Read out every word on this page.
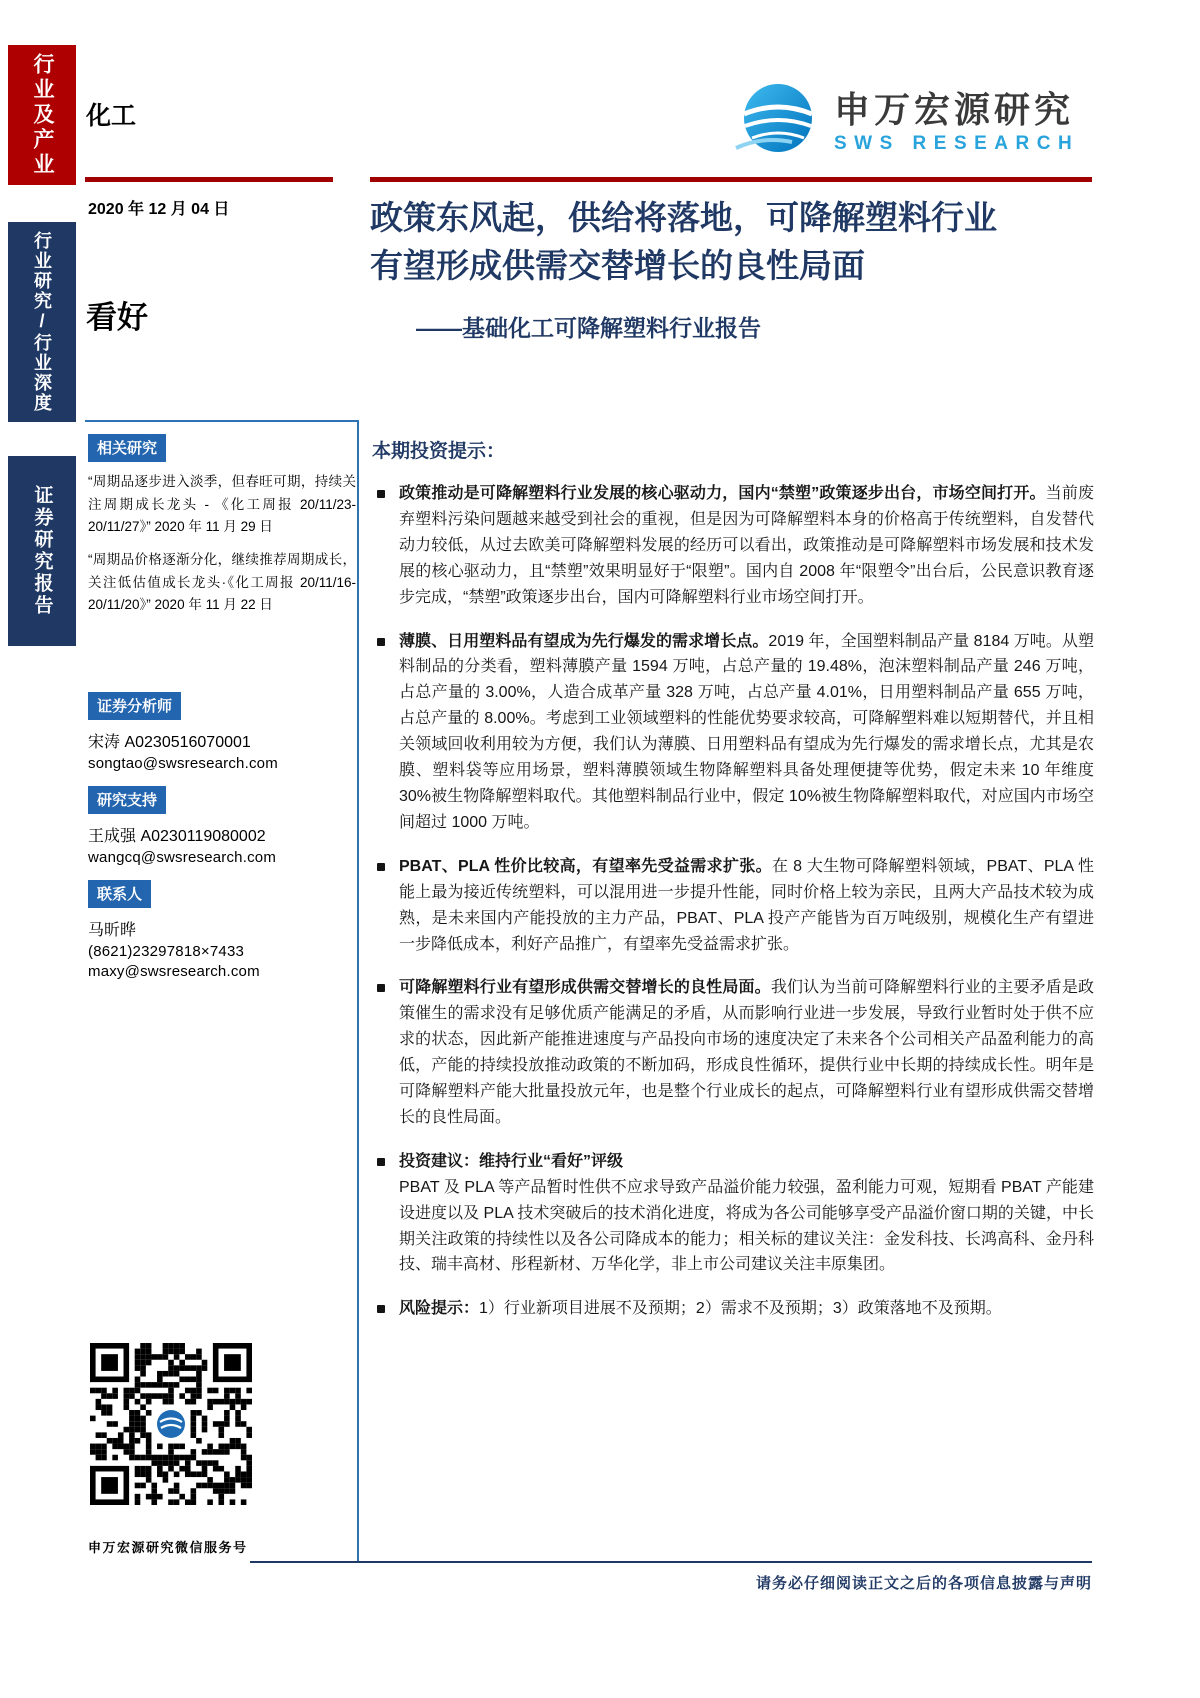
行业及产业
行业研究/行业深度
证券研究报告
化工
2020 年 12 月 04 日
看好
相关研究
“周期品逐步进入淡季，但春旺可期，持续关注周期成长龙头 - 《化工周报 20/11/23-20/11/27》” 2020 年 11 月 29 日
“周期品价格逐渐分化，继续推荐周期成长，关注低估值成长龙头·《化工周报 20/11/16-20/11/20》” 2020 年 11 月 22 日
证券分析师
宋涛 A0230516070001
songtao@swsresearch.com
研究支持
王成强 A0230119080002
wangcq@swsresearch.com
联系人
马昕晔
(8621)23297818×7433
maxy@swsresearch.com
申万宏源研究微信服务号
申万宏源研究
SWS RESEARCH
政策东风起，供给将落地，可降解塑料行业
有望形成供需交替增长的良性局面
——基础化工可降解塑料行业报告
本期投资提示：
政策推动是可降解塑料行业发展的核心驱动力，国内“禁塑”政策逐步出台，市场空间打开。当前废弃塑料污染问题越来越受到社会的重视，但是因为可降解塑料本身的价格高于传统塑料，自发替代动力较低，从过去欧美可降解塑料发展的经历可以看出，政策推动是可降解塑料市场发展和技术发展的核心驱动力，且“禁塑”效果明显好于“限塑”。国内自 2008 年“限塑令”出台后，公民意识教育逐步完成，“禁塑”政策逐步出台，国内可降解塑料行业市场空间打开。
薄膜、日用塑料品有望成为先行爆发的需求增长点。2019 年，全国塑料制品产量 8184 万吨。从塑料制品的分类看，塑料薄膜产量 1594 万吨，占总产量的 19.48%，泡沫塑料制品产量 246 万吨，占总产量的 3.00%，人造合成革产量 328 万吨，占总产量 4.01%，日用塑料制品产量 655 万吨，占总产量的 8.00%。考虑到工业领域塑料的性能优势要求较高，可降解塑料难以短期替代，并且相关领域回收利用较为方便，我们认为薄膜、日用塑料品有望成为先行爆发的需求增长点，尤其是农膜、塑料袋等应用场景，塑料薄膜领域生物降解塑料具备处理便捷等优势，假定未来 10 年维度 30%被生物降解塑料取代。其他塑料制品行业中，假定 10%被生物降解塑料取代，对应国内市场空间超过 1000 万吨。
PBAT、PLA 性价比较高，有望率先受益需求扩张。在 8 大生物可降解塑料领域，PBAT、PLA 性能上最为接近传统塑料，可以混用进一步提升性能，同时价格上较为亲民，且两大产品技术较为成熟，是未来国内产能投放的主力产品，PBAT、PLA 投产产能皆为百万吨级别，规模化生产有望进一步降低成本，利好产品推广，有望率先受益需求扩张。
可降解塑料行业有望形成供需交替增长的良性局面。我们认为当前可降解塑料行业的主要矛盾是政策催生的需求没有足够优质产能满足的矛盾，从而影响行业进一步发展，导致行业暂时处于供不应求的状态，因此新产能推进速度与产品投向市场的速度决定了未来各个公司相关产品盈利能力的高低，产能的持续投放推动政策的不断加码，形成良性循环，提供行业中长期的持续成长性。明年是可降解塑料产能大批量投放元年，也是整个行业成长的起点，可降解塑料行业有望形成供需交替增长的良性局面。
投资建议：维持行业“看好”评级
PBAT 及 PLA 等产品暂时性供不应求导致产品溢价能力较强，盈利能力可观，短期看 PBAT 产能建设进度以及 PLA 技术突破后的技术消化进度，将成为各公司能够享受产品溢价窗口期的关键，中长期关注政策的持续性以及各公司降成本的能力；相关标的建议关注：金发科技、长鸿高科、金丹科技、瑞丰高材、彤程新材、万华化学，非上市公司建议关注丰原集团。
风险提示：1）行业新项目进展不及预期；2）需求不及预期；3）政策落地不及预期。
请务必仔细阅读正文之后的各项信息披露与声明
